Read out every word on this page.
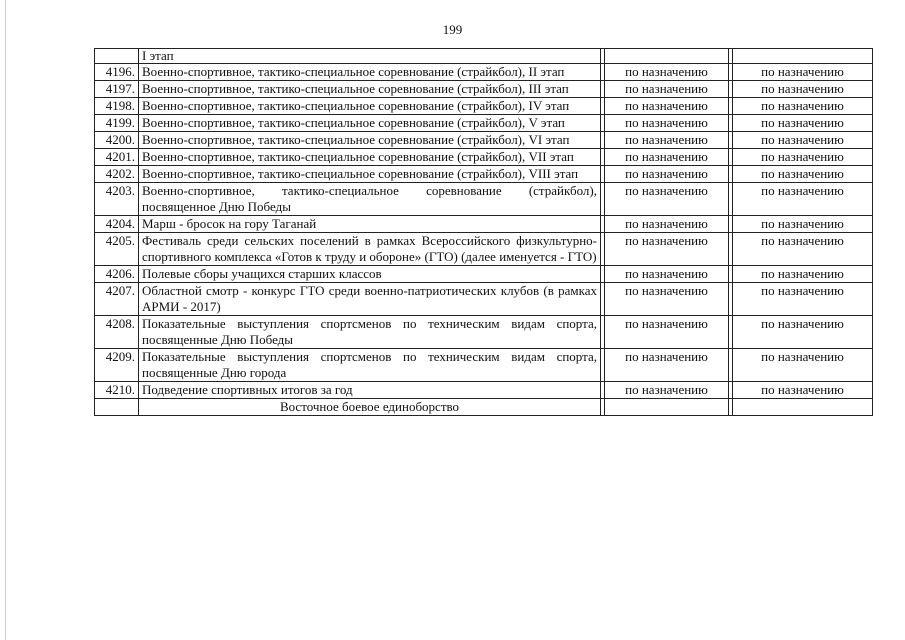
199
	I этап				
4196.	Военно-спортивное, тактико-специальное соревнование (страйкбол), II этап		по назначению		по назначению
4197.	Военно-спортивное, тактико-специальное соревнование (страйкбол), III этап		по назначению		по назначению
4198.	Военно-спортивное, тактико-специальное соревнование (страйкбол), IV этап		по назначению		по назначению
4199.	Военно-спортивное, тактико-специальное соревнование (страйкбол), V этап		по назначению		по назначению
4200.	Военно-спортивное, тактико-специальное соревнование (страйкбол), VI этап		по назначению		по назначению
4201.	Военно-спортивное, тактико-специальное соревнование (страйкбол), VII этап		по назначению		по назначению
4202.	Военно-спортивное, тактико-специальное соревнование (страйкбол), VIII этап		по назначению		по назначению
4203.	Военно-спортивное, тактико-специальное соревнование (страйкбол), посвященное Дню Победы		по назначению		по назначению
4204.	Марш - бросок на гору Таганай		по назначению		по назначению
4205.	Фестиваль среди сельских поселений в рамках Всероссийского физкультурно-спортивного комплекса «Готов к труду и обороне» (ГТО) (далее именуется - ГТО)		по назначению		по назначению
4206.	Полевые сборы учащихся старших классов		по назначению		по назначению
4207.	Областной смотр - конкурс ГТО среди военно-патриотических клубов (в рамках АРМИ - 2017)		по назначению		по назначению
4208.	Показательные выступления спортсменов по техническим видам спорта, посвященные Дню Победы		по назначению		по назначению
4209.	Показательные выступления спортсменов по техническим видам спорта, посвященные Дню города		по назначению		по назначению
4210.	Подведение спортивных итогов за год		по назначению		по назначению
	Восточное боевое единоборство				
